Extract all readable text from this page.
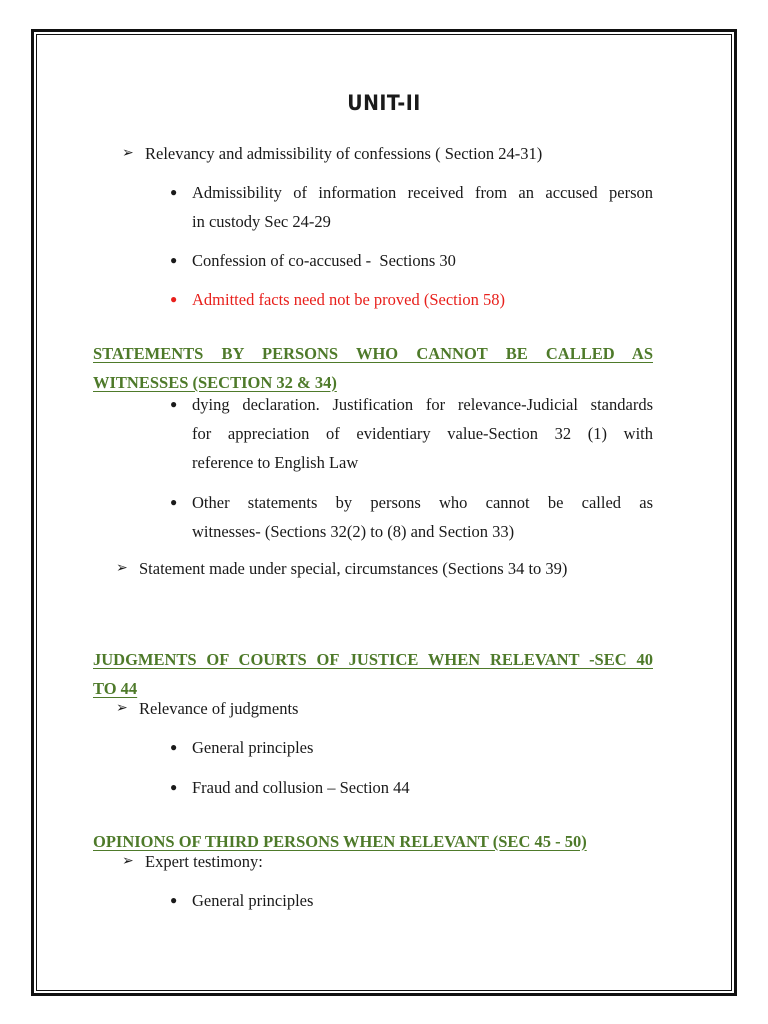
UNIT-II
➢ Relevancy and admissibility of confessions ( Section 24-31)

● Admissibility of information received from an accused person

in custody Sec 24-29

● Confession of co-accused -  Sections 30

● Admitted facts need not be proved (Section 58)

STATEMENTS BY PERSONS WHO CANNOT BE CALLED AS

WITNESSES (SECTION 32 & 34)

● dying declaration. Justification for relevance-Judicial standards

for appreciation of evidentiary value-Section 32 (1) with

reference to English Law

● Other statements by persons who cannot be called as

witnesses- (Sections 32(2) to (8) and Section 33)

➢ Statement made under special, circumstances (Sections 34 to 39)

JUDGMENTS OF COURTS OF JUSTICE WHEN RELEVANT -SEC 40

TO 44

➢ Relevance of judgments

● General principles

● Fraud and collusion – Section 44

OPINIONS OF THIRD PERSONS WHEN RELEVANT (SEC 45 - 50)

➢ Expert testimony:

● General principles
